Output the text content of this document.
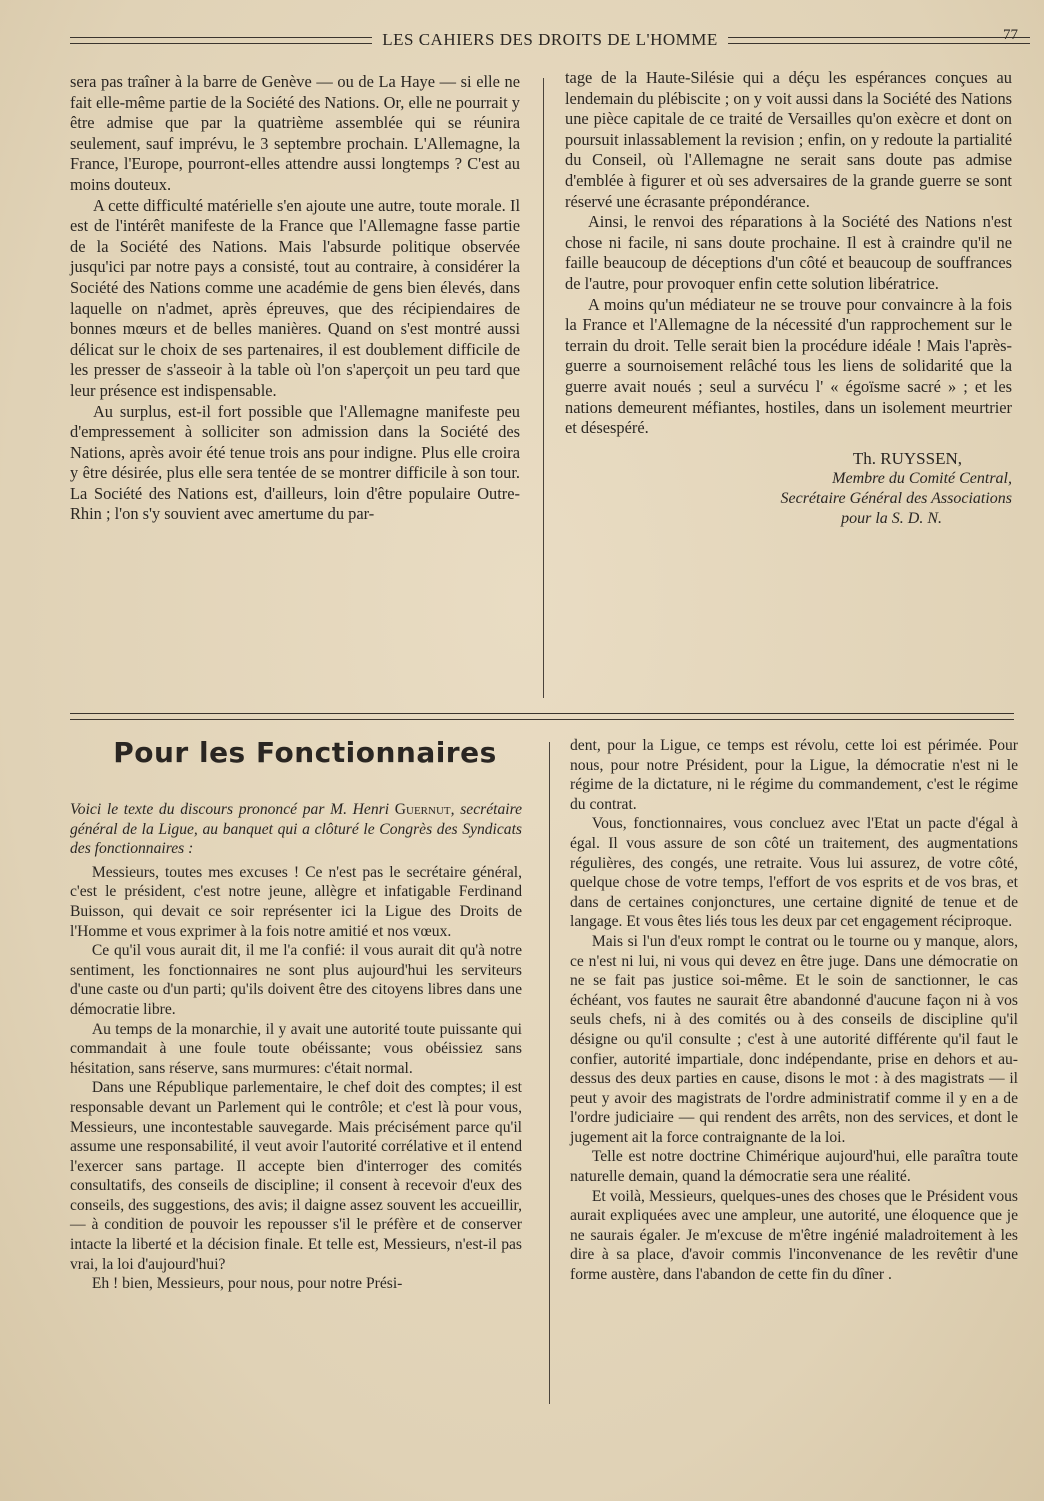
LES CAHIERS DES DROITS DE L'HOMME	77

sera pas traîner à la barre de Genève — ou de La Haye — si elle ne fait elle-même partie de la Société des Nations. Or, elle ne pourrait y être admise que par la quatrième assemblée qui se réunira seulement, sauf imprévu, le 3 septembre prochain. L'Allemagne, la France, l'Europe, pourront-elles attendre aussi longtemps ? C'est au moins douteux.

A cette difficulté matérielle s'en ajoute une autre, toute morale. Il est de l'intérêt manifeste de la France que l'Allemagne fasse partie de la Société des Nations. Mais l'absurde politique observée jusqu'ici par notre pays a consisté, tout au contraire, à considérer la Société des Nations comme une académie de gens bien élevés, dans laquelle on n'admet, après épreuves, que des récipiendaires de bonnes mœurs et de belles manières. Quand on s'est montré aussi délicat sur le choix de ses partenaires, il est doublement difficile de les presser de s'asseoir à la table où l'on s'aperçoit un peu tard que leur présence est indispensable.

Au surplus, est-il fort possible que l'Allemagne manifeste peu d'empressement à solliciter son admission dans la Société des Nations, après avoir été tenue trois ans pour indigne. Plus elle croira y être désirée, plus elle sera tentée de se montrer difficile à son tour. La Société des Nations est, d'ailleurs, loin d'être populaire Outre-Rhin ; l'on s'y souvient avec amertume du par-

tage de la Haute-Silésie qui a déçu les espérances conçues au lendemain du plébiscite ; on y voit aussi dans la Société des Nations une pièce capitale de ce traité de Versailles qu'on exècre et dont on poursuit inlassablement la revision ; enfin, on y redoute la partialité du Conseil, où l'Allemagne ne serait sans doute pas admise d'emblée à figurer et où ses adversaires de la grande guerre se sont réservé une écrasante prépondérance.

Ainsi, le renvoi des réparations à la Société des Nations n'est chose ni facile, ni sans doute prochaine. Il est à craindre qu'il ne faille beaucoup de déceptions d'un côté et beaucoup de souffrances de l'autre, pour provoquer enfin cette solution libératrice.

A moins qu'un médiateur ne se trouve pour convaincre à la fois la France et l'Allemagne de la nécessité d'un rapprochement sur le terrain du droit. Telle serait bien la procédure idéale ! Mais l'après-guerre a sournoisement relâché tous les liens de solidarité que la guerre avait noués ; seul a survécu l' « égoïsme sacré » ; et les nations demeurent méfiantes, hostiles, dans un isolement meurtrier et désespéré.

Th. RUYSSEN,
Membre du Comité Central,
Secrétaire Général des Associations
pour la S. D. N.
Pour les Fonctionnaires

Voici le texte du discours prononcé par M. Henri Guernut, secrétaire général de la Ligue, au banquet qui a clôturé le Congrès des Syndicats des fonctionnaires :

Messieurs, toutes mes excuses ! Ce n'est pas le secrétaire général, c'est le président, c'est notre jeune, allègre et infatigable Ferdinand Buisson, qui devait ce soir représenter ici la Ligue des Droits de l'Homme et vous exprimer à la fois notre amitié et nos vœux.

Ce qu'il vous aurait dit, il me l'a confié: il vous aurait dit qu'à notre sentiment, les fonctionnaires ne sont plus aujourd'hui les serviteurs d'une caste ou d'un parti; qu'ils doivent être des citoyens libres dans une démocratie libre.

Au temps de la monarchie, il y avait une autorité toute puissante qui commandait à une foule toute obéissante; vous obéissiez sans hésitation, sans réserve, sans murmures: c'était normal.

Dans une République parlementaire, le chef doit des comptes; il est responsable devant un Parlement qui le contrôle; et c'est là pour vous, Messieurs, une incontestable sauvegarde. Mais précisément parce qu'il assume une responsabilité, il veut avoir l'autorité corrélative et il entend l'exercer sans partage. Il accepte bien d'interroger des comités consultatifs, des conseils de discipline; il consent à recevoir d'eux des conseils, des suggestions, des avis; il daigne assez souvent les accueillir, — à condition de pouvoir les repousser s'il le préfère et de conserver intacte la liberté et la décision finale. Et telle est, Messieurs, n'est-il pas vrai, la loi d'aujourd'hui?

Eh ! bien, Messieurs, pour nous, pour notre Prési-

dent, pour la Ligue, ce temps est révolu, cette loi est périmée. Pour nous, pour notre Président, pour la Ligue, la démocratie n'est ni le régime de la dictature, ni le régime du commandement, c'est le régime du contrat.

Vous, fonctionnaires, vous concluez avec l'Etat un pacte d'égal à égal. Il vous assure de son côté un traitement, des augmentations régulières, des congés, une retraite. Vous lui assurez, de votre côté, quelque chose de votre temps, l'effort de vos esprits et de vos bras, et dans de certaines conjonctures, une certaine dignité de tenue et de langage. Et vous êtes liés tous les deux par cet engagement réciproque.

Mais si l'un d'eux rompt le contrat ou le tourne ou y manque, alors, ce n'est ni lui, ni vous qui devez en être juge. Dans une démocratie on ne se fait pas justice soi-même. Et le soin de sanctionner, le cas échéant, vos fautes ne saurait être abandonné d'aucune façon ni à vos seuls chefs, ni à des comités ou à des conseils de discipline qu'il désigne ou qu'il consulte ; c'est à une autorité différente qu'il faut le confier, autorité impartiale, donc indépendante, prise en dehors et au-dessus des deux parties en cause, disons le mot : à des magistrats — il peut y avoir des magistrats de l'ordre administratif comme il y en a de l'ordre judiciaire — qui rendent des arrêts, non des services, et dont le jugement ait la force contraignante de la loi.

Telle est notre doctrine Chimérique aujourd'hui, elle paraîtra toute naturelle demain, quand la démocratie sera une réalité.

Et voilà, Messieurs, quelques-unes des choses que le Président vous aurait expliquées avec une ampleur, une autorité, une éloquence que je ne saurais égaler. Je m'excuse de m'être ingénié maladroitement à les dire à sa place, d'avoir commis l'inconvenance de les revêtir d'une forme austère, dans l'abandon de cette fin du dîner .
